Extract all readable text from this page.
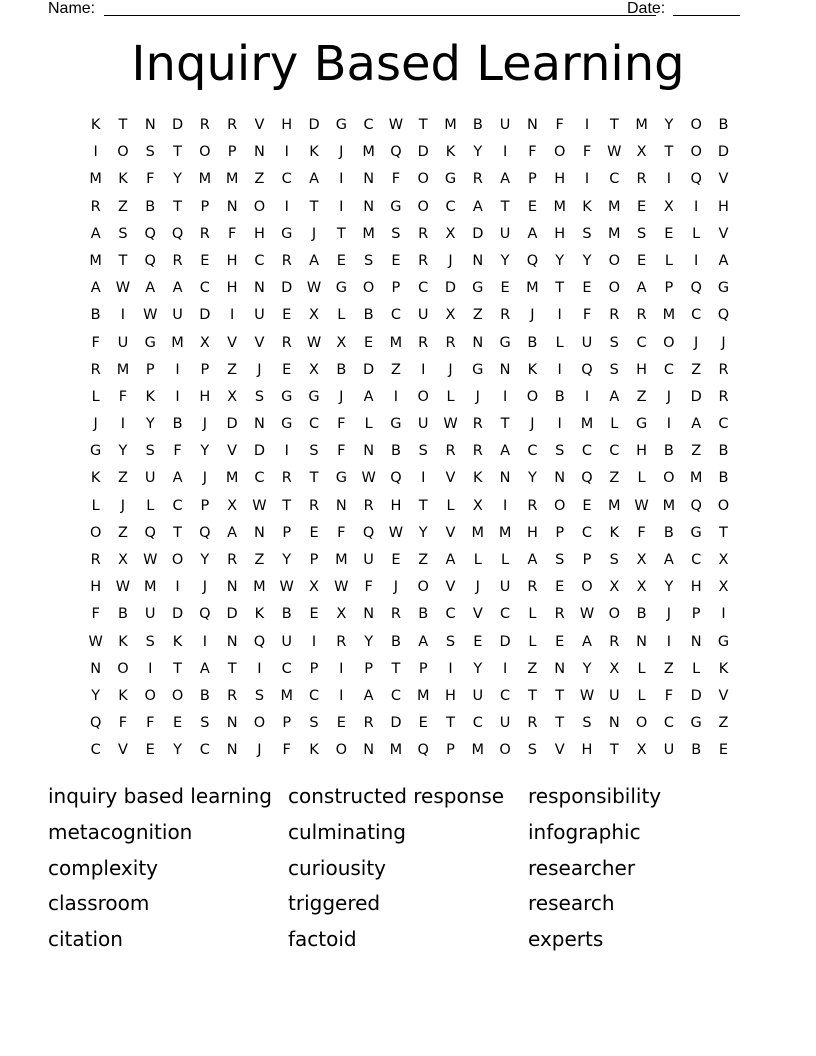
Name:	Date:
Inquiry Based Learning
K T N D R R V H D G C W T M B U N F I T M Y O B
I O S T O P N I K J M Q D K Y I F O F W X T O D
M K F Y M M Z C A I N F O G R A P H I C R I Q V
R Z B T P N O I T I N G O C A T E M K M E X I H
A S Q Q R F H G J T M S R X D U A H S M S E L V
M T Q R E H C R A E S E R J N Y Q Y Y O E L I A
A W A A C H N D W G O P C D G E M T E O A P Q G
B I W U D I U E X L B C U X Z R J I F R R M C Q
F U G M X V V R W X E M R R N G B L U S C O J J
R M P I P Z J E X B D Z I J G N K I Q S H C Z R
L F K I H X S G G J A I O L J I O B I A Z J D R
J I Y B J D N G C F L G U W R T J I M L G I A C
G Y S F Y V D I S F N B S R R A C S C C H B Z B
K Z U A J M C R T G W Q I V K N Y N Q Z L O M B
L J L C P X W T R N R H T L X I R O E M W M Q O
O Z Q T Q A N P E F Q W Y V M M H P C K F B G T
R X W O Y R Z Y P M U E Z A L L A S P S X A C X
H W M I J N M W X W F J O V J U R E O X X Y H X
F B U D Q D K B E X N R B C V C L R W O B J P I
W K S K I N Q U I R Y B A S E D L E A R N I N G
N O I T A T I C P I P T P I Y I Z N Y X L Z L K
Y K O O B R S M C I A C M H U C T T W U L F D V
Q F F E S N O P S E R D E T C U R T S N O C G Z
C V E Y C N J F K O N M Q P M O S V H T X U B E
inquiry based learning
metacognition
complexity
classroom
citation
constructed response
culminating
curiousity
triggered
factoid
responsibility
infographic
researcher
research
experts
